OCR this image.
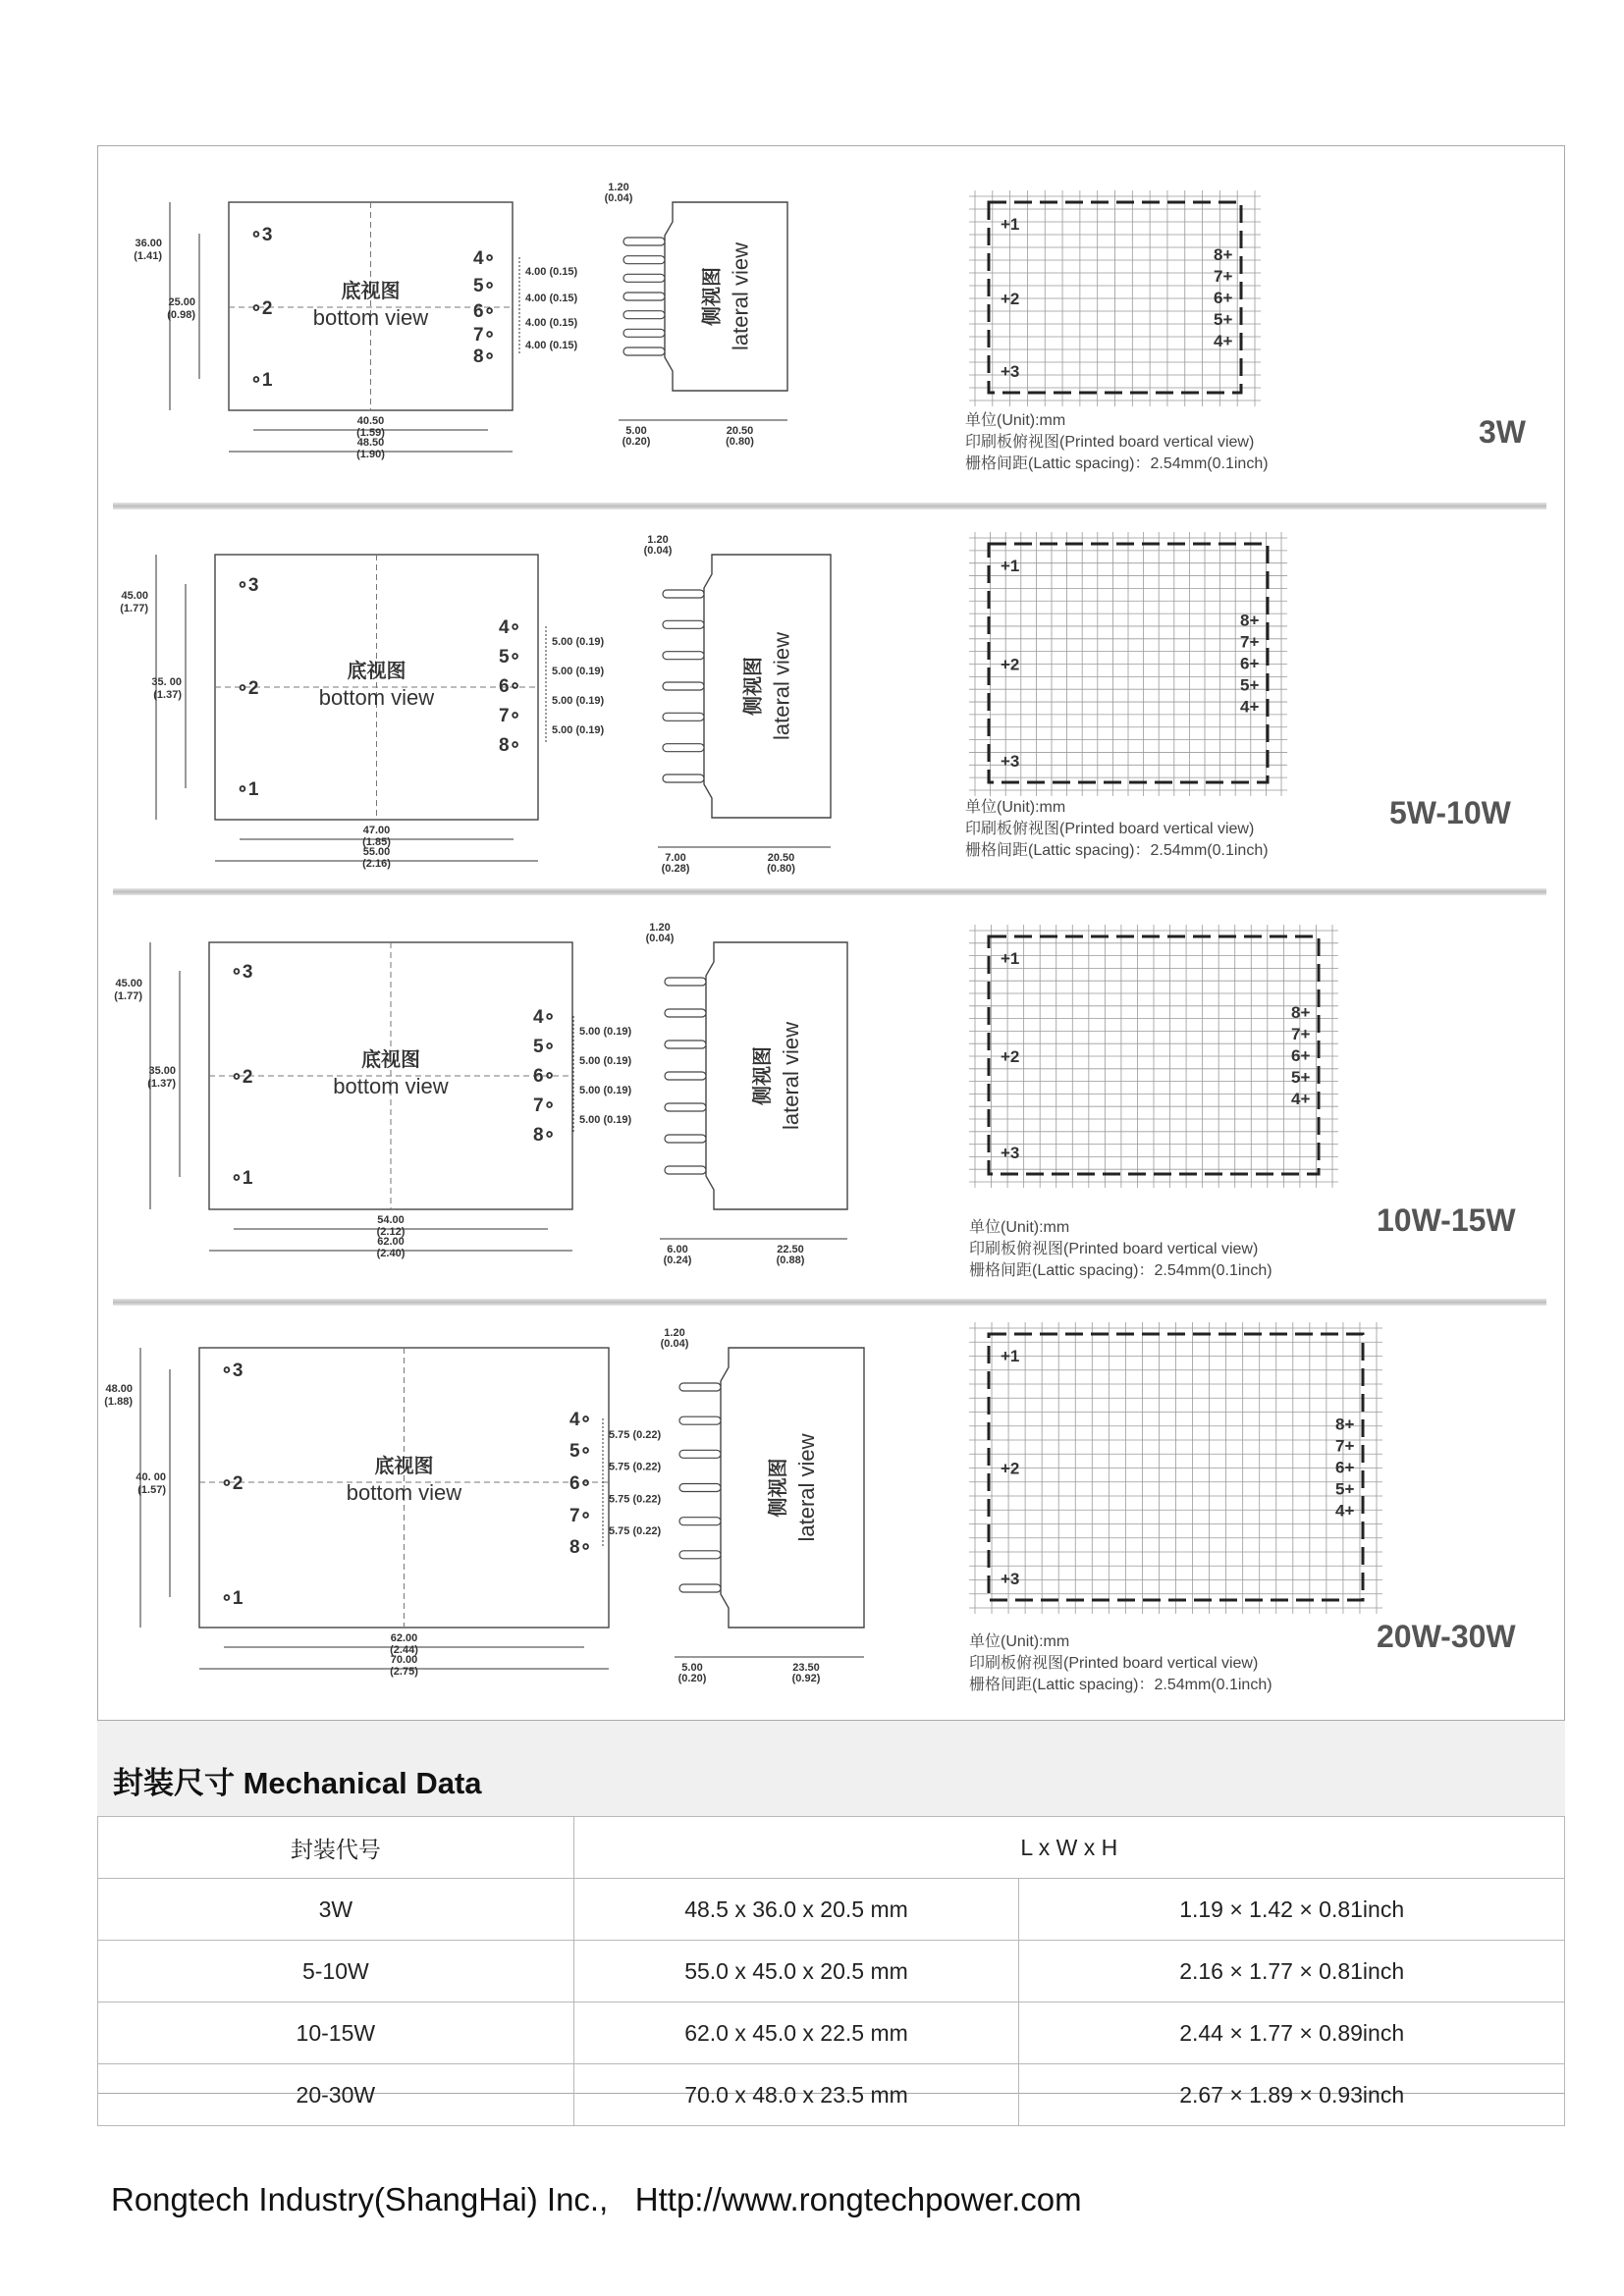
底视图
bottom view
∘3
∘2
∘1
4∘
5∘
6∘
7∘
8∘
4.00 (0.15)
4.00 (0.15)
4.00 (0.15)
4.00 (0.15)
36.00
(1.41)
25.00
(0.98)
40.50
(1.59)
48.50
(1.90)
1.20
(0.04)
侧视图 lateral view
5.00
(0.20)
20.50
(0.80)
+1
+2
+3
8+
7+
6+
5+
4+
底视图
bottom view
∘3
∘2
∘1
4∘
5∘
6∘
7∘
8∘
5.00 (0.19)
5.00 (0.19)
5.00 (0.19)
5.00 (0.19)
45.00
(1.77)
35. 00
(1.37)
47.00
(1.85)
55.00
(2.16)
1.20
(0.04)
侧视图 lateral view
7.00
(0.28)
20.50
(0.80)
+1
+2
+3
8+
7+
6+
5+
4+
底视图
bottom view
∘3
∘2
∘1
4∘
5∘
6∘
7∘
8∘
5.00 (0.19)
5.00 (0.19)
5.00 (0.19)
5.00 (0.19)
45.00
(1.77)
35.00
(1.37)
54.00
(2.12)
62.00
(2.40)
1.20
(0.04)
侧视图 lateral view
6.00
(0.24)
22.50
(0.88)
+1
+2
+3
8+
7+
6+
5+
4+
底视图
bottom view
∘3
∘2
∘1
4∘
5∘
6∘
7∘
8∘
5.75 (0.22)
5.75 (0.22)
5.75 (0.22)
5.75 (0.22)
48.00
(1.88)
40. 00
(1.57)
62.00
(2.44)
70.00
(2.75)
1.20
(0.04)
侧视图 lateral view
5.00
(0.20)
23.50
(0.92)
+1
+2
+3
8+
7+
6+
5+
4+
单位(Unit):mm
印刷板俯视图(Printed board vertical view)
栅格间距(Lattic spacing)：2.54mm(0.1inch)
3W
单位(Unit):mm
印刷板俯视图(Printed board vertical view)
栅格间距(Lattic spacing)：2.54mm(0.1inch)
5W-10W
单位(Unit):mm
印刷板俯视图(Printed board vertical view)
栅格间距(Lattic spacing)：2.54mm(0.1inch)
10W-15W
单位(Unit):mm
印刷板俯视图(Printed board vertical view)
栅格间距(Lattic spacing)：2.54mm(0.1inch)
20W-30W
封装尺寸 Mechanical Data
封装代号	L x W x H	
3W	48.5 x 36.0 x 20.5 mm	1.19 × 1.42 × 0.81inch
5-10W	55.0 x 45.0 x 20.5 mm	2.16 × 1.77 × 0.81inch
10-15W	62.0 x 45.0 x 22.5 mm	2.44 × 1.77 × 0.89inch
20-30W	70.0 x 48.0 x 23.5 mm	2.67 × 1.89 × 0.93inch
Rongtech Industry(ShangHai) Inc., Http://www.rongtechpower.com
